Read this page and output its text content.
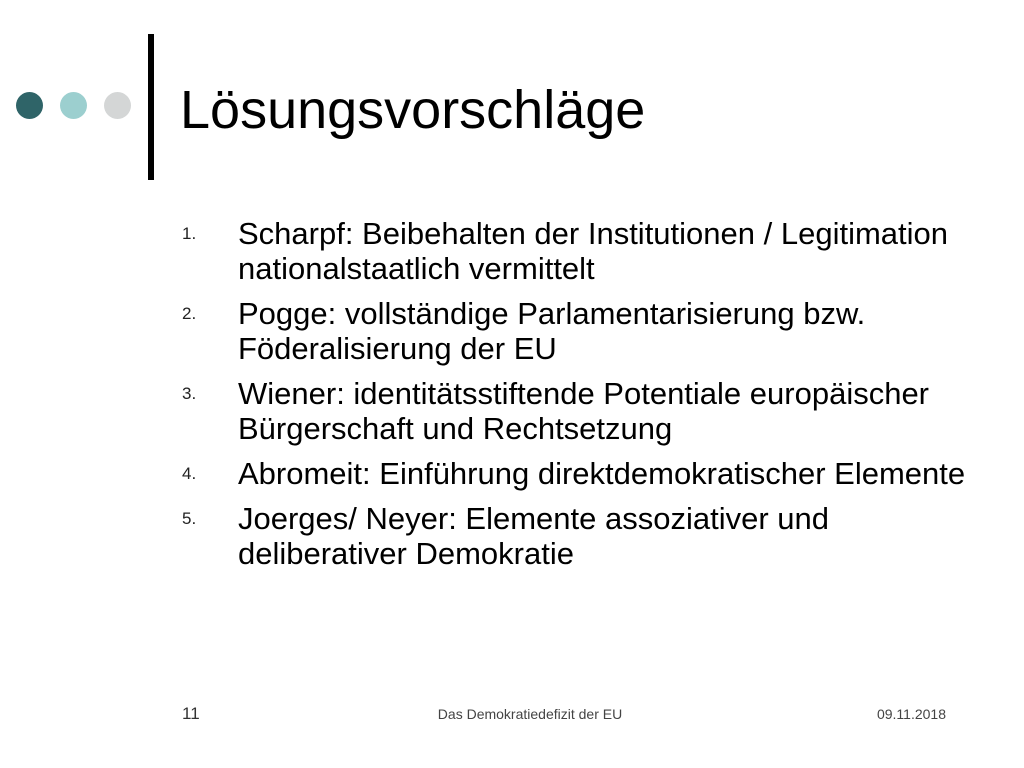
Lösungsvorschläge
1. Scharpf: Beibehalten der Institutionen / Legitimation nationalstaatlich vermittelt
2. Pogge: vollständige Parlamentarisierung bzw. Föderalisierung der EU
3. Wiener: identitätsstiftende Potentiale europäischer Bürgerschaft und Rechtsetzung
4. Abromeit: Einführung direktdemokratischer Elemente
5. Joerges/ Neyer: Elemente assoziativer und deliberativer Demokratie
11	Das Demokratiedefizit der EU	09.11.2018
